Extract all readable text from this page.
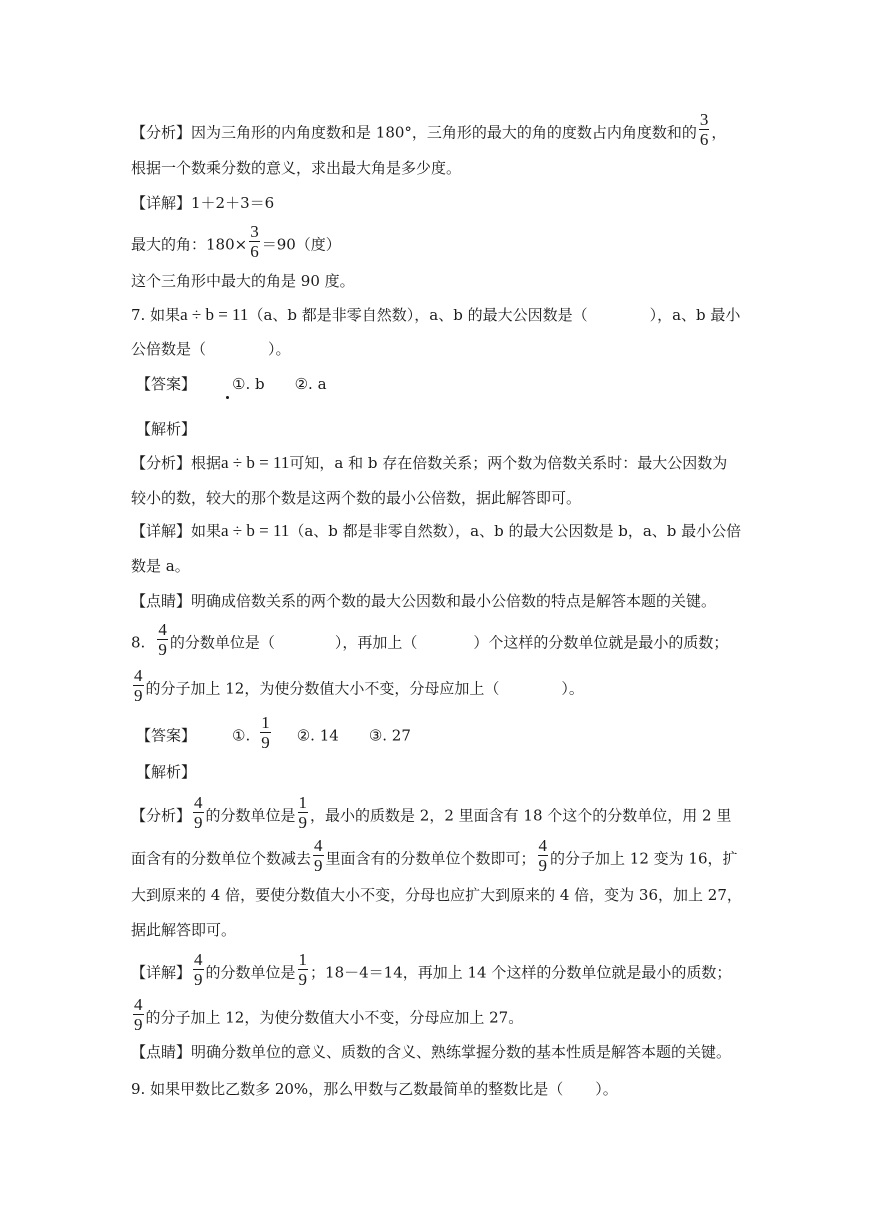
【分析】因为三角形的内角度数和是 180°，三角形的最大的角的度数占内角度数和的 $\frac{3}{6}$ ，
根据一个数乘分数的意义，求出最大角是多少度。
【详解】1＋2＋3＝6
最大的角：$180\times \frac{3}{6} =90$（度）
这个三角形中最大的角是 90 度。
7. 如果a ÷ b = 11（a、b 都是非零自然数），a、b 的最大公因数是（	），a、b 最小
公倍数是（	）。
【答案】 ①. b ②. a
【解析】
【分析】根据a ÷ b = 11可知，a 和 b 存在倍数关系；两个数为倍数关系时：最大公因数为
较小的数，较大的那个数是这两个数的最小公倍数，据此解答即可。
【详解】如果a ÷ b = 11（a、b 都是非零自然数），a、b 的最大公因数是 b，a、b 最小公倍
数是 a。
【点睛】明确成倍数关系的两个数的最大公因数和最小公倍数的特点是解答本题的关键。
8. $\frac{4}{9}$ 的分数单位是（	），再加上（	）个这样的分数单位就是最小的质数；
$\frac{4}{9}$ 的分子加上 12，为使分数值大小不变，分母应加上（	）。
【答案】 ①. $\frac{1}{9}$ ②. 14 ③. 27
【解析】
【分析】 $\frac{4}{9}$ 的分数单位是 $\frac{1}{9}$ ，最小的质数是 2，2 里面含有 18 个这个的分数单位，用 2 里
面含有的分数单位个数减去 $\frac{4}{9}$ 里面含有的分数单位个数即可； $\frac{4}{9}$ 的分子加上 12 变为 16，扩
大到原来的 4 倍，要使分数值大小不变，分母也应扩大到原来的 4 倍，变为 36，加上 27，
据此解答即可。
【详解】 $\frac{4}{9}$ 的分数单位是 $\frac{1}{9}$ ；18－4＝14，再加上 14 个这样的分数单位就是最小的质数；
$\frac{4}{9}$ 的分子加上 12，为使分数值大小不变，分母应加上 27。
【点睛】明确分数单位的意义、质数的含义、熟练掌握分数的基本性质是解答本题的关键。
9. 如果甲数比乙数多 20%，那么甲数与乙数最简单的整数比是（ ）。
